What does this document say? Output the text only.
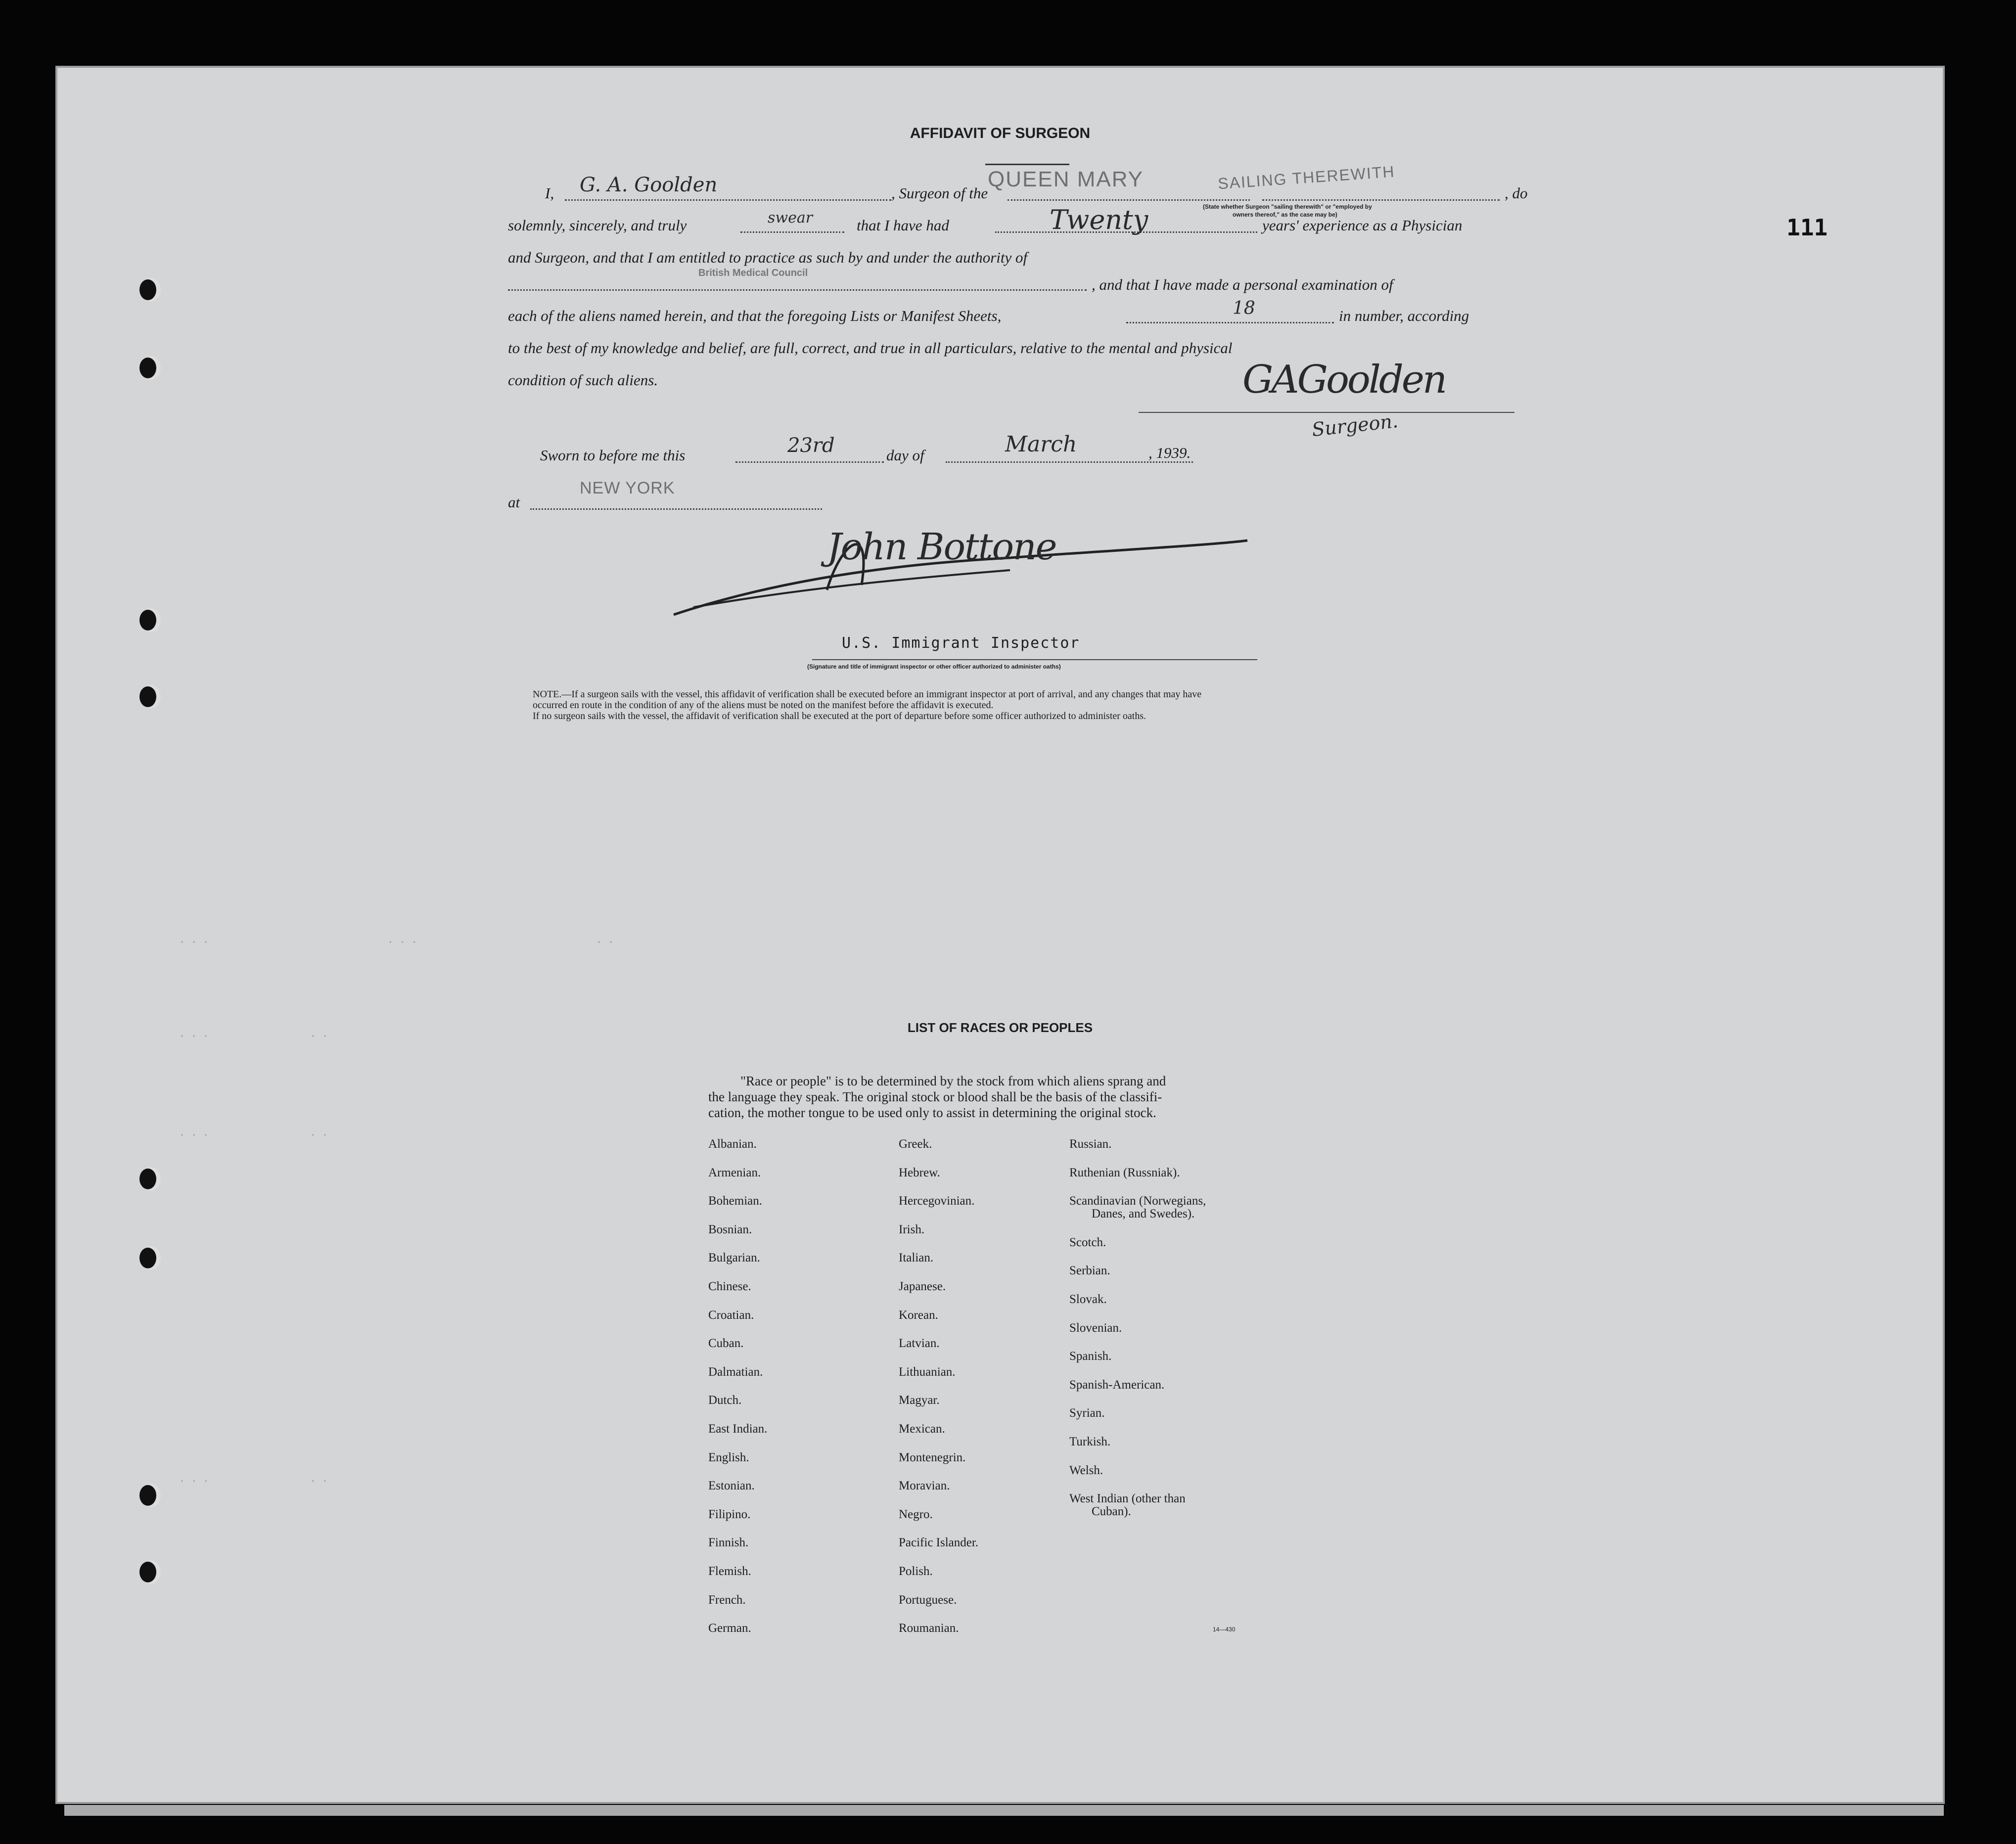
· · ·                              · · ·                              · ·
· · ·                 · ·
· · ·                 · ·
· · ·                 · ·
AFFIDAVIT OF SURGEON
I, G. A. Goolden	, Surgeon of the
QUEEN MARY	SAILING THEREWITH
(State whether Surgeon "sailing therewith" or "employed by
owners thereof," as the case may be)
, do
solemnly, sincerely, and truly	swear	that I have had	Twenty	years' experience as a Physician
and Surgeon, and that I am entitled to practice as such by and under the authority of
British Medical Council
, and that I have made a personal examination of
each of the aliens named herein, and that the foregoing Lists or Manifest Sheets,	18	in number, according
to the best of my knowledge and belief, are full, correct, and true in all particulars, relative to the mental and physical
condition of such aliens.	GAGoolden
Surgeon.
Sworn to before me this	23rd	day of	March	, 1939.
at
NEW YORK
John Bottone
U.S. Immigrant Inspector
(Signature and title of immigrant inspector or other officer authorized to administer oaths)
NOTE.—If a surgeon sails with the vessel, this affidavit of verification shall be executed before an immigrant inspector at port of arrival, and any changes that may have
occurred en route in the condition of any of the aliens must be noted on the manifest before the affidavit is executed.
If no surgeon sails with the vessel, the affidavit of verification shall be executed at the port of departure before some officer authorized to administer oaths.
111
LIST OF RACES OR PEOPLES
"Race or people" is to be determined by the stock from which aliens sprang and
the language they speak. The original stock or blood shall be the basis of the classifi-
cation, the mother tongue to be used only to assist in determining the original stock.
Albanian.
Armenian.
Bohemian.
Bosnian.
Bulgarian.
Chinese.
Croatian.
Cuban.
Dalmatian.
Dutch.
East Indian.
English.
Estonian.
Filipino.
Finnish.
Flemish.
French.
German.
Greek.
Hebrew.
Hercegovinian.
Irish.
Italian.
Japanese.
Korean.
Latvian.
Lithuanian.
Magyar.
Mexican.
Montenegrin.
Moravian.
Negro.
Pacific Islander.
Polish.
Portuguese.
Roumanian.
Russian.
Ruthenian (Russniak).
Scandinavian (Norwegians,
Danes, and Swedes).
Scotch.
Serbian.
Slovak.
Slovenian.
Spanish.
Spanish-American.
Syrian.
Turkish.
Welsh.
West Indian (other than
Cuban).
14—430
